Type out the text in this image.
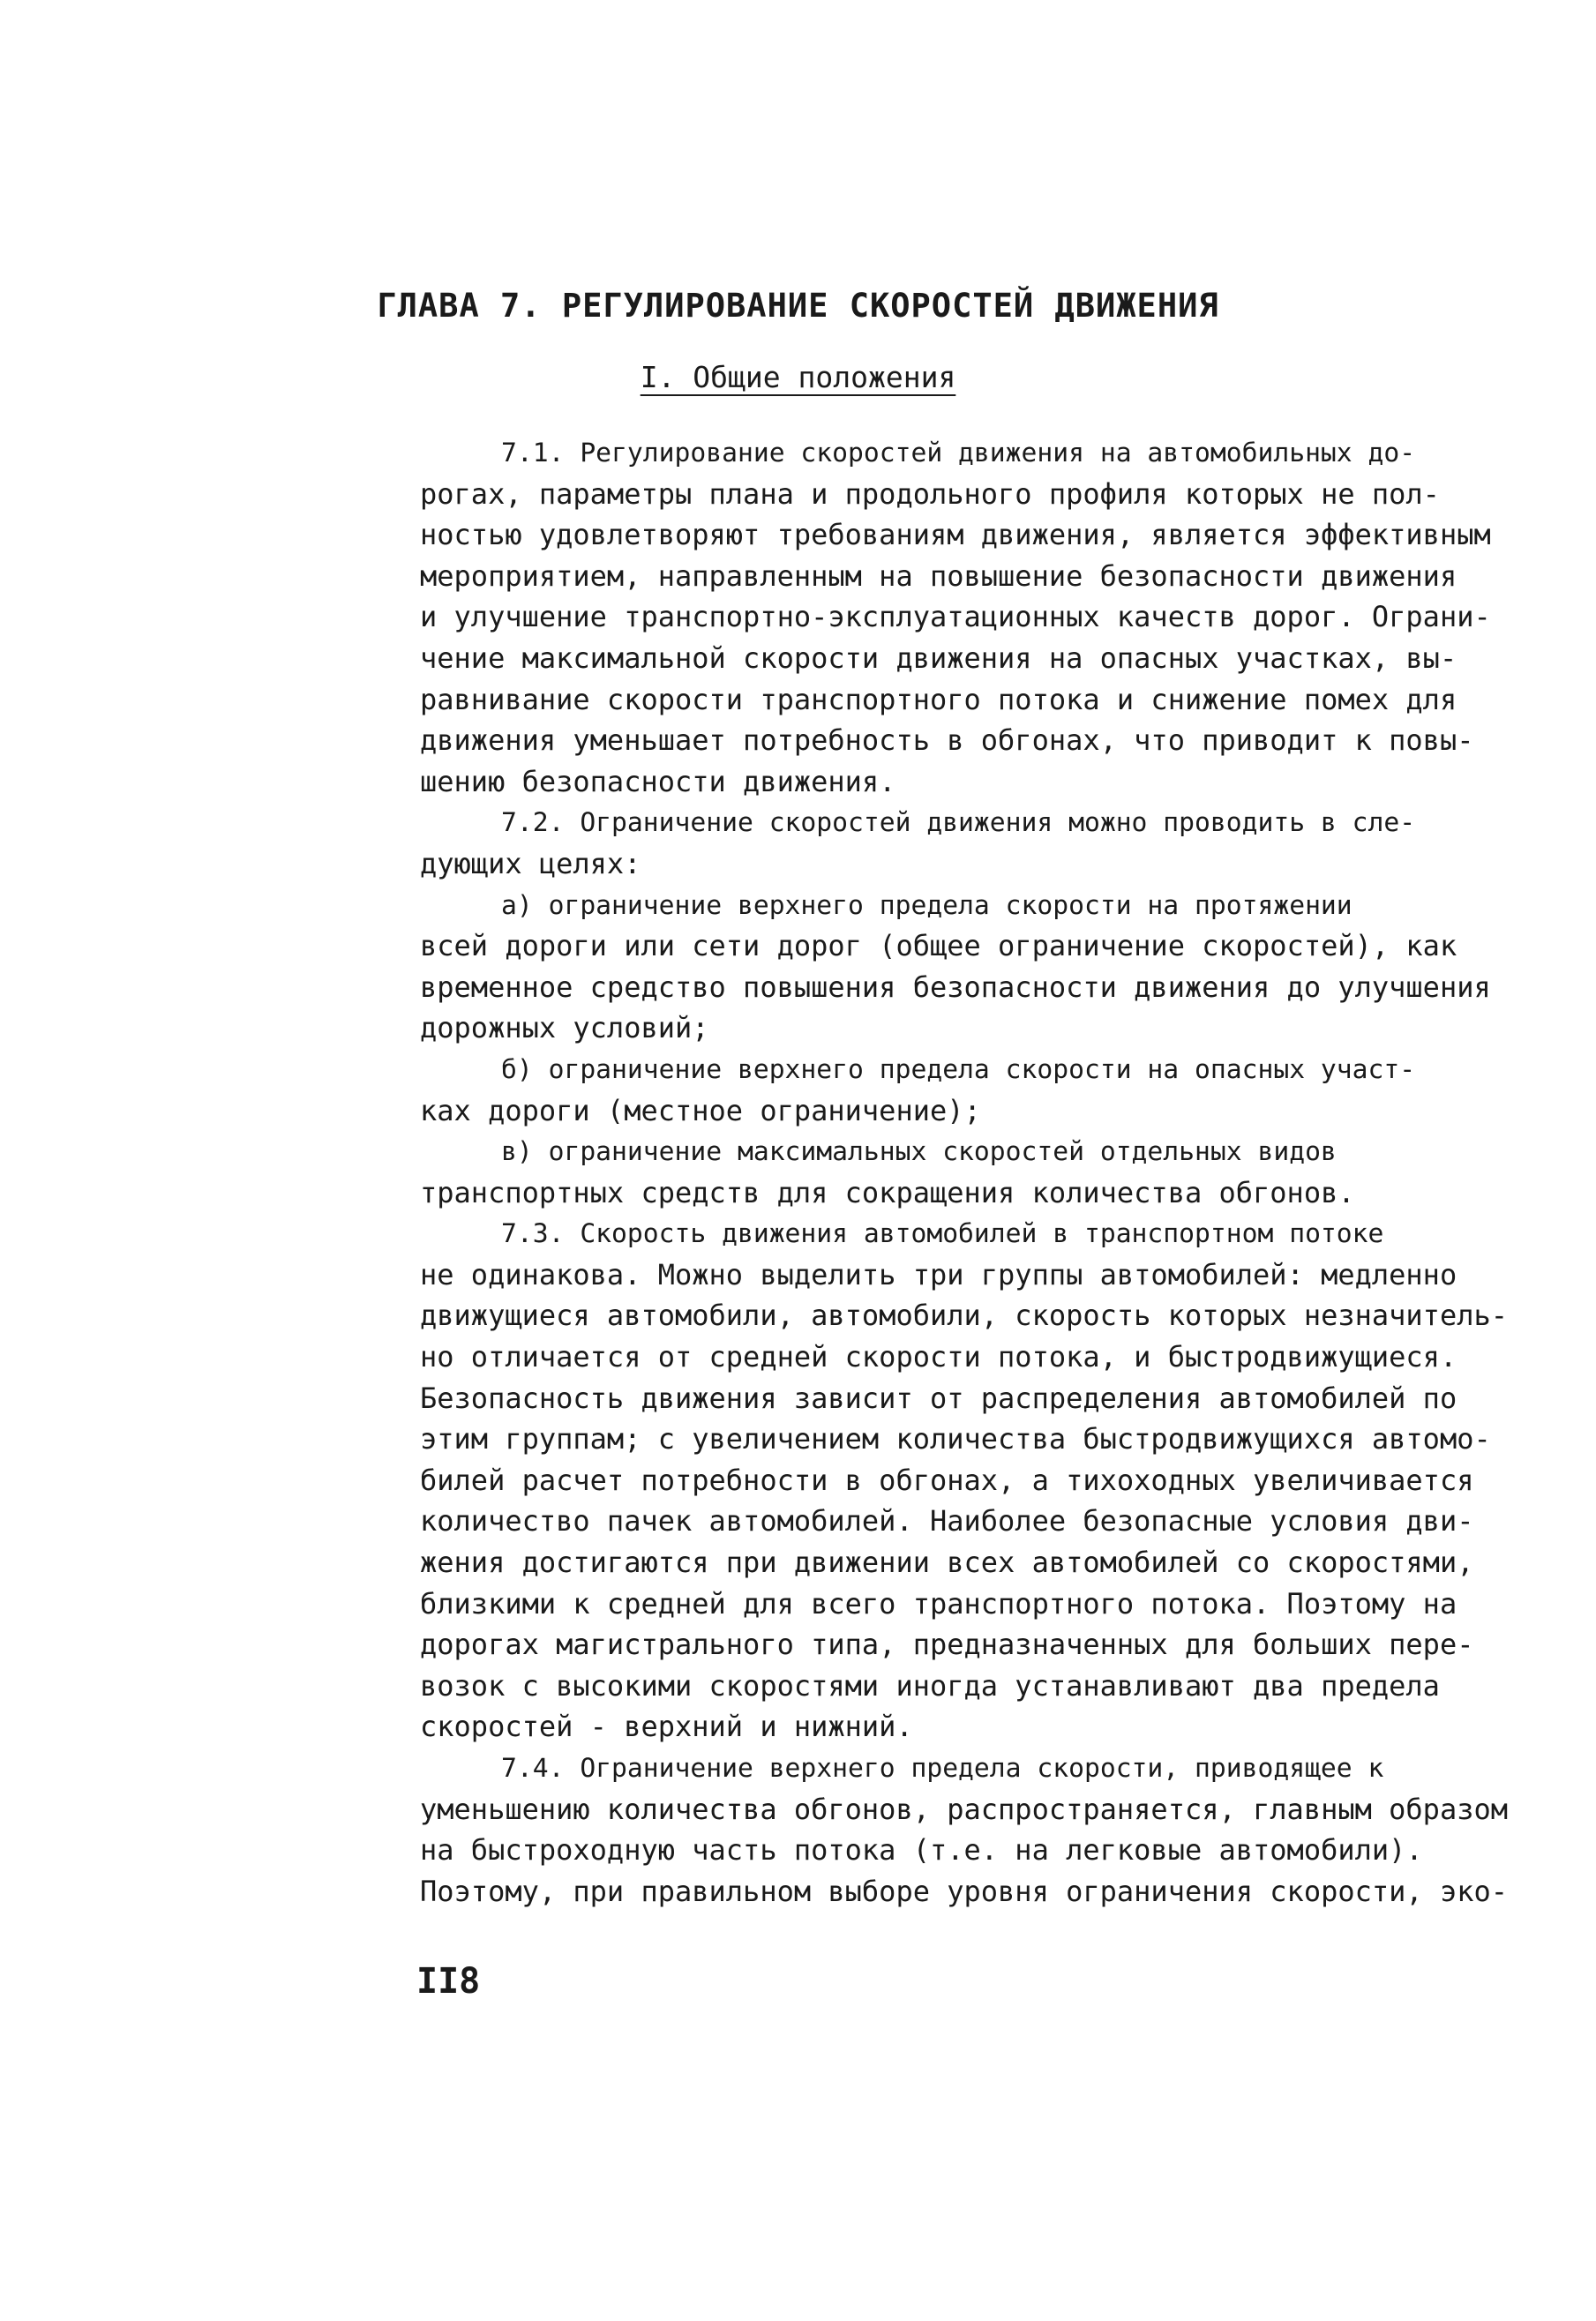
ГЛАВА 7. РЕГУЛИРОВАНИЕ СКОРОСТЕЙ ДВИЖЕНИЯ
I. Общие положения
7.1. Регулирование скоростей движения на автомобильных до-
рогах, параметры плана и продольного профиля которых не пол-
ностью удовлетворяют требованиям движения, является эффективным
мероприятием, направленным на повышение безопасности движения
и улучшение транспортно-эксплуатационных качеств дорог. Ограни-
чение максимальной скорости движения на опасных участках, вы-
равнивание скорости транспортного потока и снижение помех для
движения уменьшает потребность в обгонах, что приводит к повы-
шению безопасности движения.
7.2. Ограничение скоростей движения можно проводить в сле-
дующих целях:
а) ограничение верхнего предела скорости на протяжении
всей дороги или сети дорог (общее ограничение скоростей), как
временное средство повышения безопасности движения до улучшения
дорожных условий;
б) ограничение верхнего предела скорости на опасных участ-
ках дороги (местное ограничение);
в) ограничение максимальных скоростей отдельных видов
транспортных средств для сокращения количества обгонов.
7.3. Скорость движения автомобилей в транспортном потоке
не одинакова. Можно выделить три группы автомобилей: медленно
движущиеся автомобили, автомобили, скорость которых незначитель-
но отличается от средней скорости потока, и быстродвижущиеся.
Безопасность движения зависит от распределения автомобилей по
этим группам; с увеличением количества быстродвижущихся автомо-
билей расчет потребности в обгонах, а тихоходных увеличивается
количество пачек автомобилей. Наиболее безопасные условия дви-
жения достигаются при движении всех автомобилей со скоростями,
близкими к средней для всего транспортного потока. Поэтому на
дорогах магистрального типа, предназначенных для больших пере-
возок с высокими скоростями иногда устанавливают два предела
скоростей - верхний и нижний.
7.4. Ограничение верхнего предела скорости, приводящее к
уменьшению количества обгонов, распространяется, главным образом
на быстроходную часть потока (т.е. на легковые автомобили).
Поэтому, при правильном выборе уровня ограничения скорости, эко-
II8
